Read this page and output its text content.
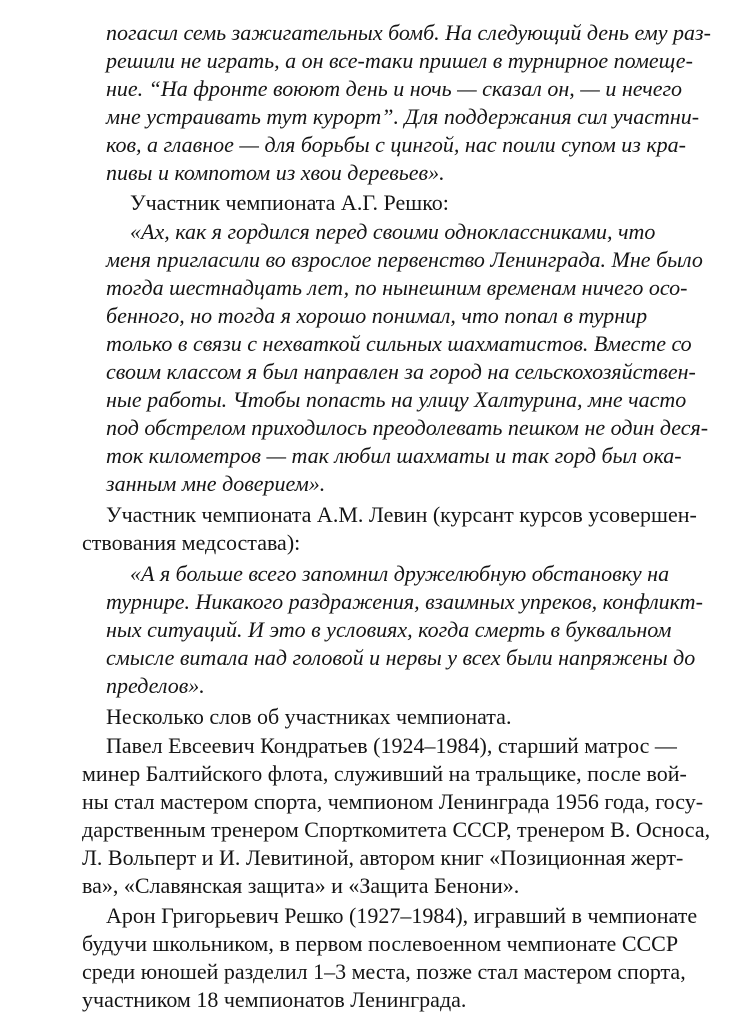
погасил семь зажигательных бомб. На следующий день ему раз-

решили не играть, а он все-таки пришел в турнирное помеще-

ние. “На фронте воюют день и ночь — сказал он, — и нечего

мне устраивать тут курорт”. Для поддержания сил участни-

ков, а главное — для борьбы с цингой, нас поили супом из кра-

пивы и компотом из хвои деревьев».

Участник чемпионата А.Г. Решко:

«Ах, как я гордился перед своими одноклассниками, что

меня пригласили во взрослое первенство Ленинграда. Мне было

тогда шестнадцать лет, по нынешним временам ничего осо-

бенного, но тогда я хорошо понимал, что попал в турнир

только в связи с нехваткой сильных шахматистов. Вместе со

своим классом я был направлен за город на сельскохозяйствен-

ные работы. Чтобы попасть на улицу Халтурина, мне часто

под обстрелом приходилось преодолевать пешком не один деся-

ток километров — так любил шахматы и так горд был ока-

занным мне доверием».

Участник чемпионата А.М. Левин (курсант курсов усовершен-

ствования медсостава):

«А я больше всего запомнил дружелюбную обстановку на

турнире. Никакого раздражения, взаимных упреков, конфликт-

ных ситуаций. И это в условиях, когда смерть в буквальном

смысле витала над головой и нервы у всех были напряжены до

пределов».

Несколько слов об участниках чемпионата.

Павел Евсеевич Кондратьев (1924–1984), старший матрос —

минер Балтийского флота, служивший на тральщике, после вой-

ны стал мастером спорта, чемпионом Ленинграда 1956 года, госу-

дарственным тренером Спорткомитета СССР, тренером В. Осноса,

Л. Вольперт и И. Левитиной, автором книг «Позиционная жерт-

ва», «Славянская защита» и «Защита Бенони».

Арон Григорьевич Решко (1927–1984), игравший в чемпионате

будучи школьником, в первом послевоенном чемпионате СССР

среди юношей разделил 1–3 места, позже стал мастером спорта,

участником 18 чемпионатов Ленинграда.
